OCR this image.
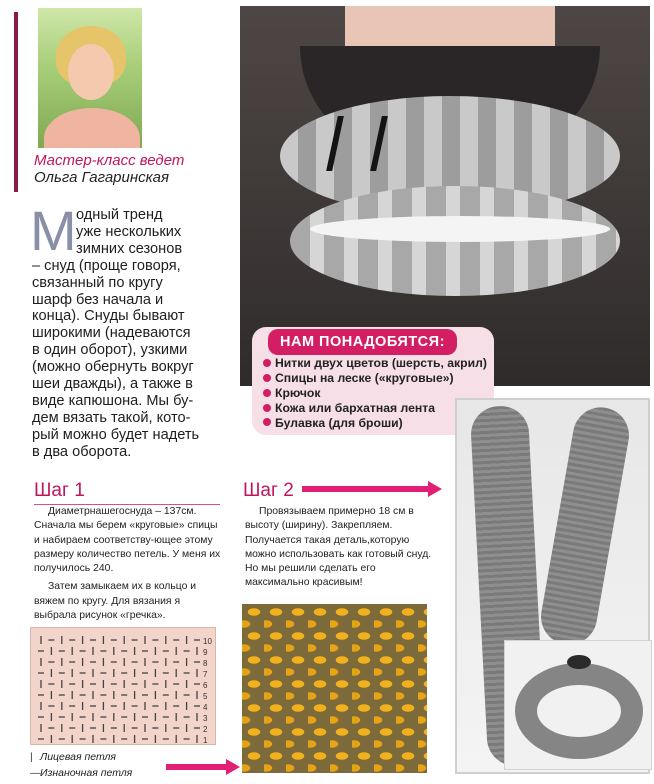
Мастер-класс ведет
Ольга Гагаринская
М одный тренд
уже нескольких
зимних сезонов
– снуд (проще говоря,
связанный по кругу
шарф без начала и
конца). Снуды бывают
широкими (надеваются
в один оборот), узкими
(можно обернуть вокруг
шеи дважды), а также в
виде капюшона. Мы бу-
дем вязать такой, кото-
рый можно будет надеть
в два оборота.
НАМ ПОНАДОБЯТСЯ:
Нитки двух цветов (шерсть, акрил)
Спицы на леске («круговые»)
Крючок
Кожа или бархатная лента
Булавка (для броши)
Шаг 1

Диаметрнашегоснуда – 137см. Сначала мы берем «круговые» спицы и набираем соответству-ющее этому размеру количество петель. У меня их получилось 240.

Затем замыкаем их в кольцо и вяжем по кругу. Для вязания я выбрала рисунок «гречка».

Шаг 2

Провязываем примерно 18 см в высоту (ширину). Закрепляем. Получается такая деталь,которую можно использовать как готовый снуд. Но мы решили сделать его максимально красивым!

10
9
8
7
6
5
4
3
2
1
| Лицевая петля
—Изнаночная петля
